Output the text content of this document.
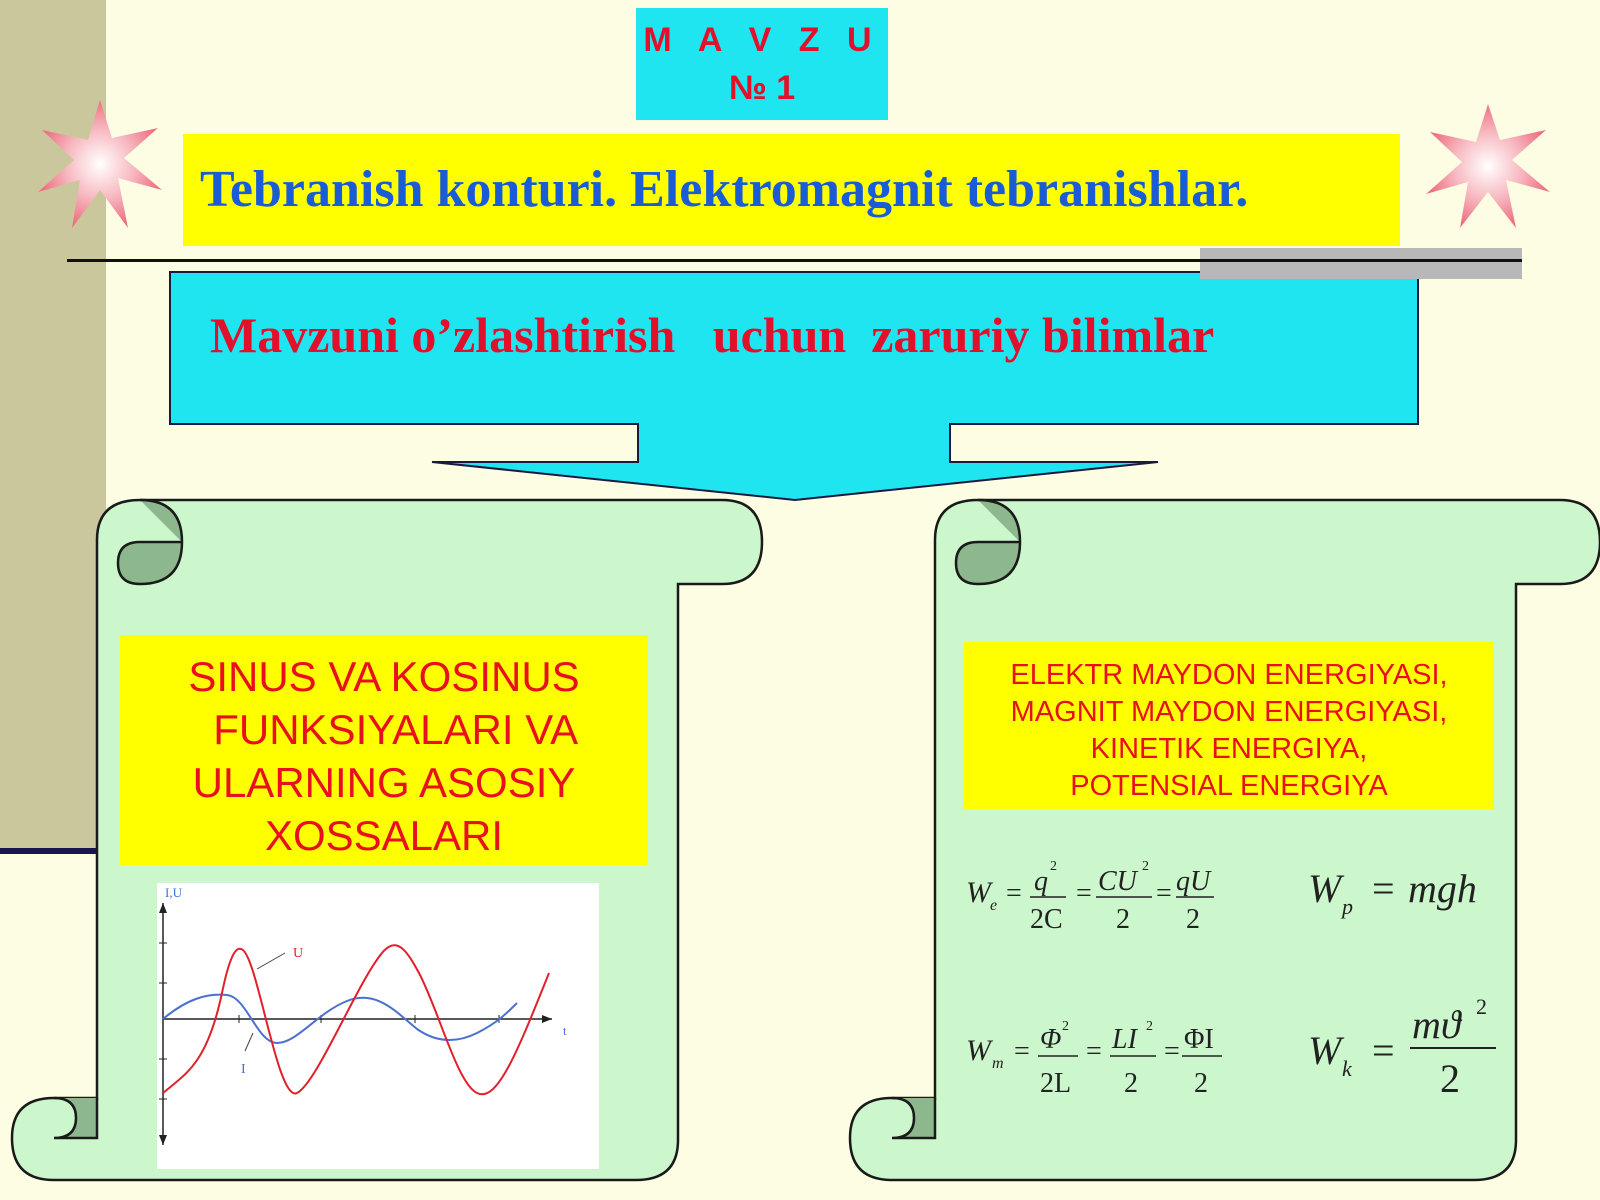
M A V Z U
№ 1
Tebranish konturi. Elektromagnit tebranishlar.
Mavzuni o’zlashtirish   uchun  zaruriy bilimlar
SINUS VA KOSINUS
FUNKSIYALARI VA
ULARNING ASOSIY
XOSSALARI
I,U
U
I
t
ELEKTR MAYDON ENERGIYASI,
MAGNIT MAYDON ENERGIYASI,
KINETIK ENERGIYA,
POTENSIAL ENERGIYA
W e = q 2
2C
= CU 2
2
= qU
2
W p = mgh
W m = Φ 2
2L
= LI 2
2
= ΦI
2
W k =
mϑ 2
2
